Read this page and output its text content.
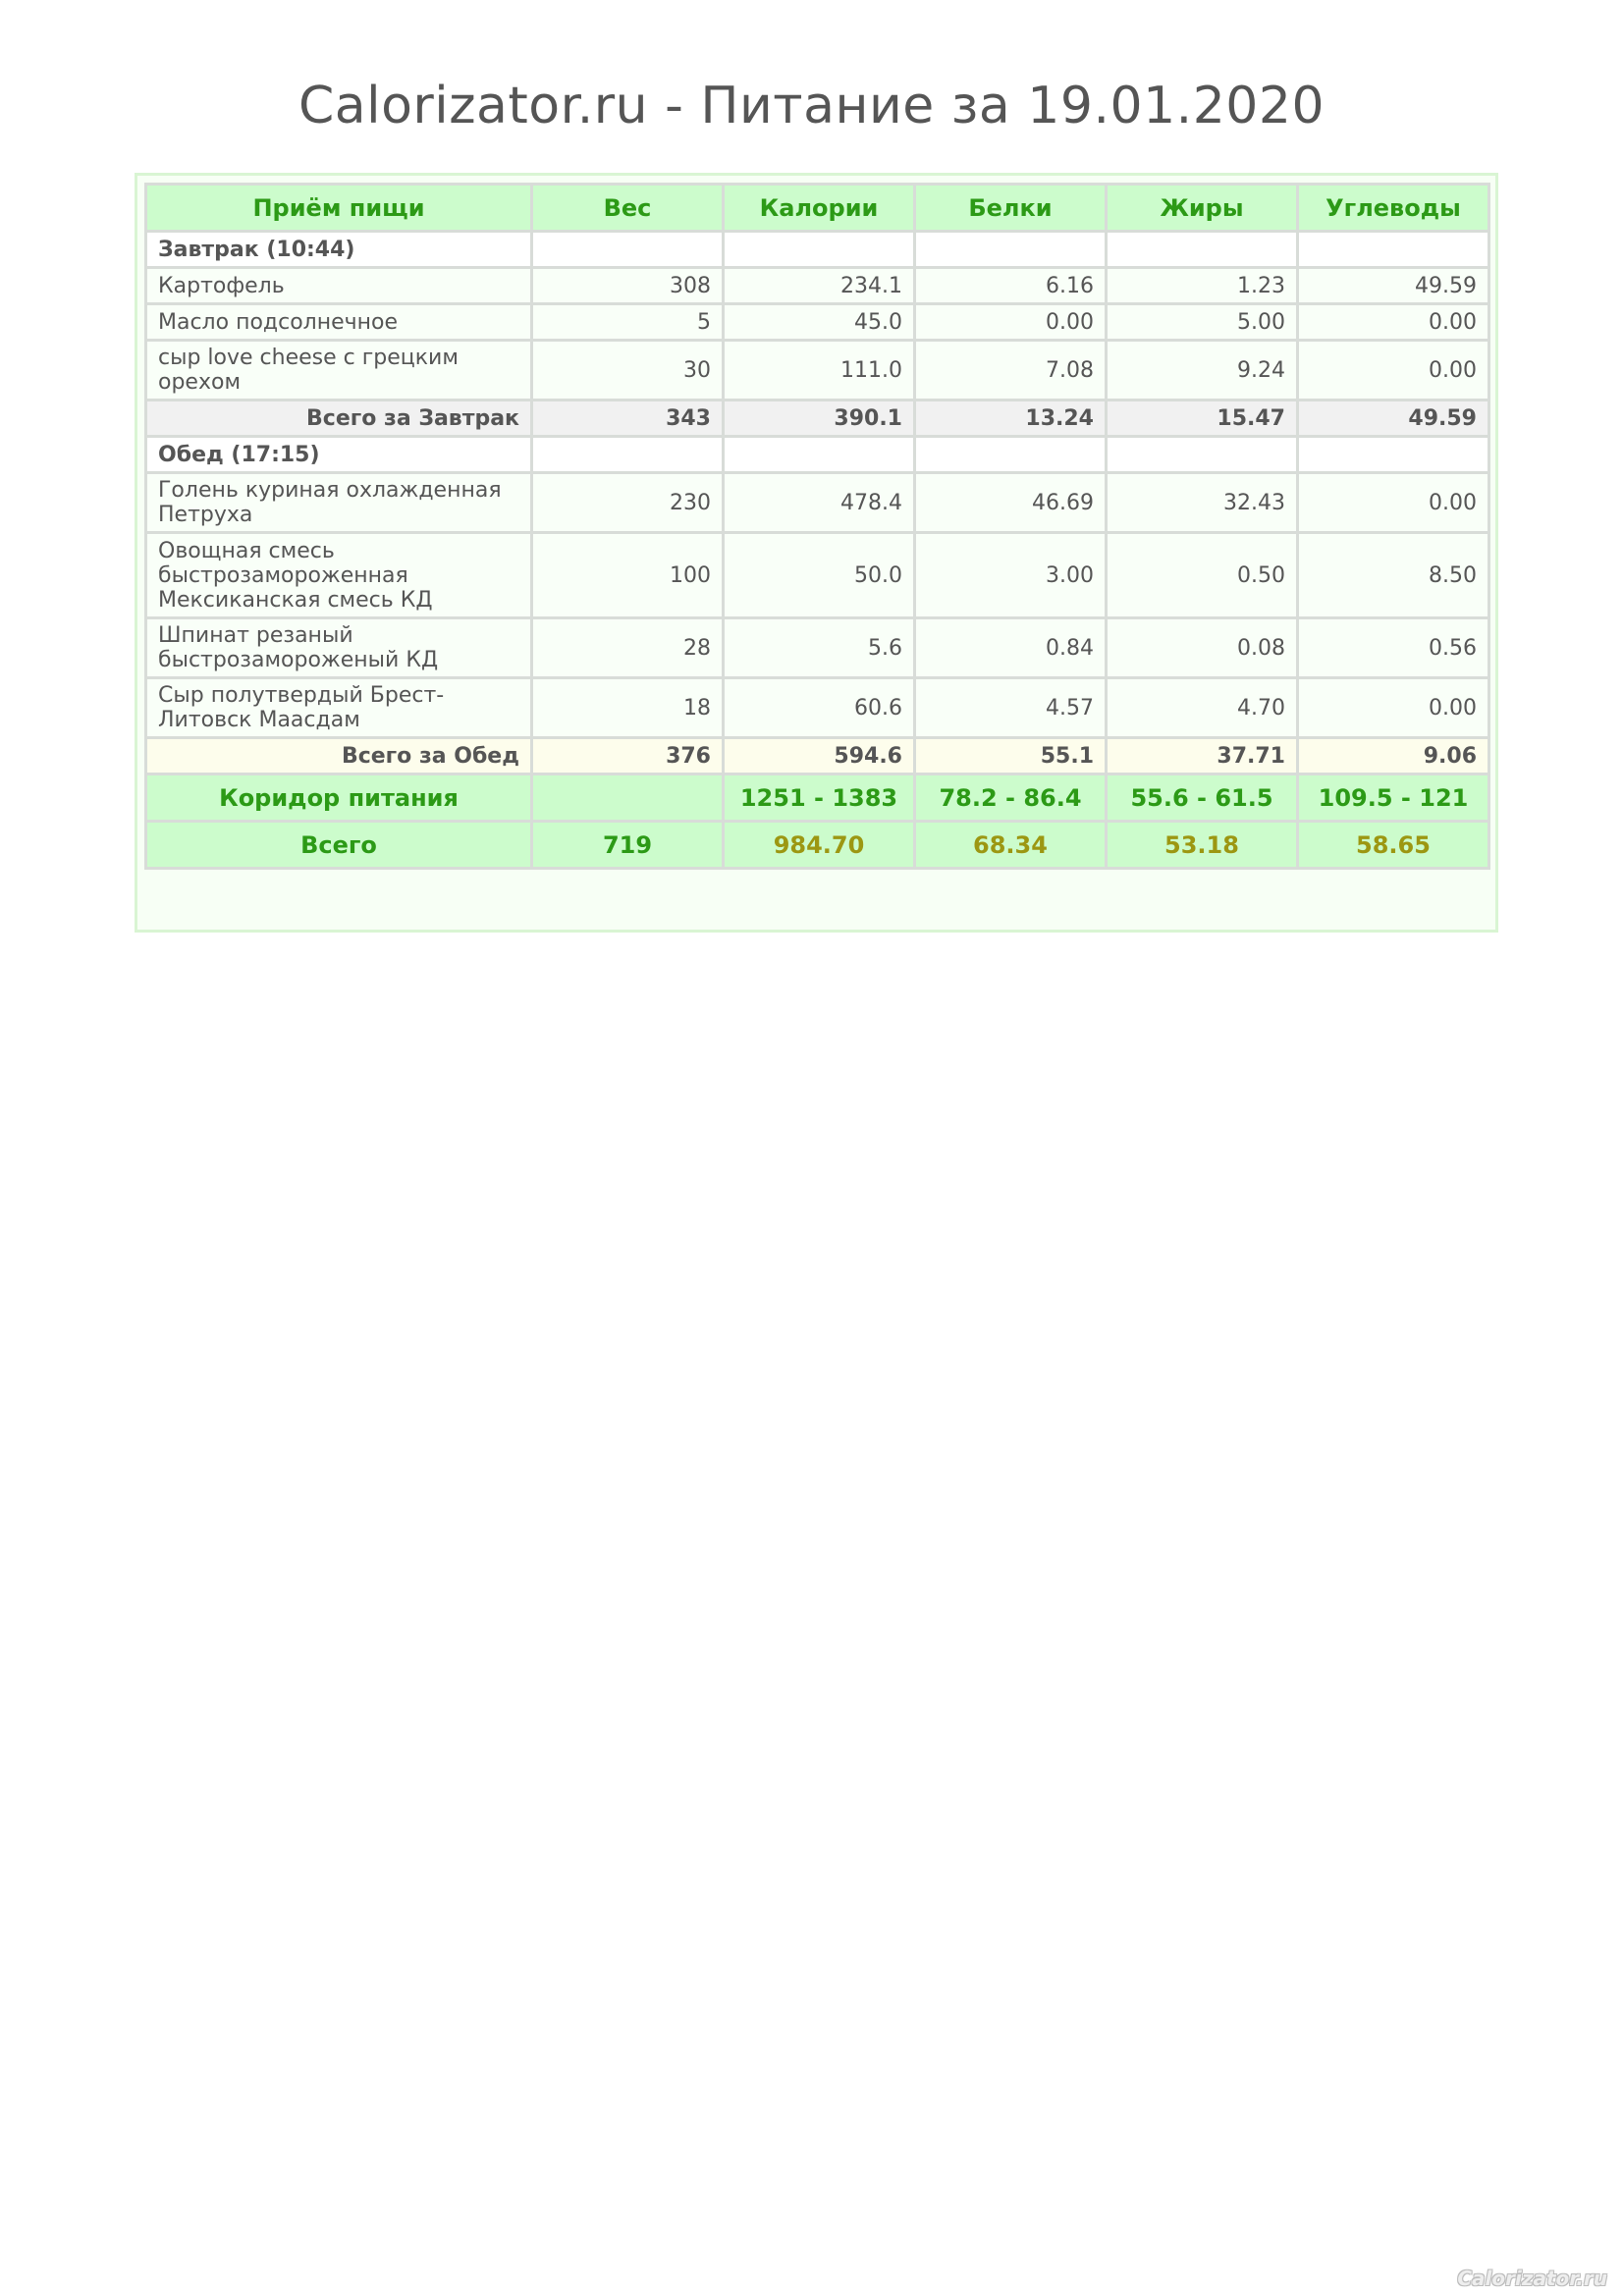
Calorizator.ru - Питание за 19.01.2020
Приём пищи	Вес	Калории	Белки	Жиры	Углеводы
Завтрак (10:44)					
Картофель	308	234.1	6.16	1.23	49.59
Масло подсолнечное	5	45.0	0.00	5.00	0.00
сыр love cheese с грецким орехом	30	111.0	7.08	9.24	0.00
Всего за Завтрак	343	390.1	13.24	15.47	49.59
Обед (17:15)					
Голень куриная охлажденная Петруха	230	478.4	46.69	32.43	0.00
Овощная смесь быстрозамороженная Мексиканская смесь КД	100	50.0	3.00	0.50	8.50
Шпинат резаный быстрозамороженый КД	28	5.6	0.84	0.08	0.56
Сыр полутвердый Брест-Литовск Маасдам	18	60.6	4.57	4.70	0.00
Всего за Обед	376	594.6	55.1	37.71	9.06
Коридор питания		1251 - 1383	78.2 - 86.4	55.6 - 61.5	109.5 - 121
Всего	719	984.70	68.34	53.18	58.65
Calorizator.ru
